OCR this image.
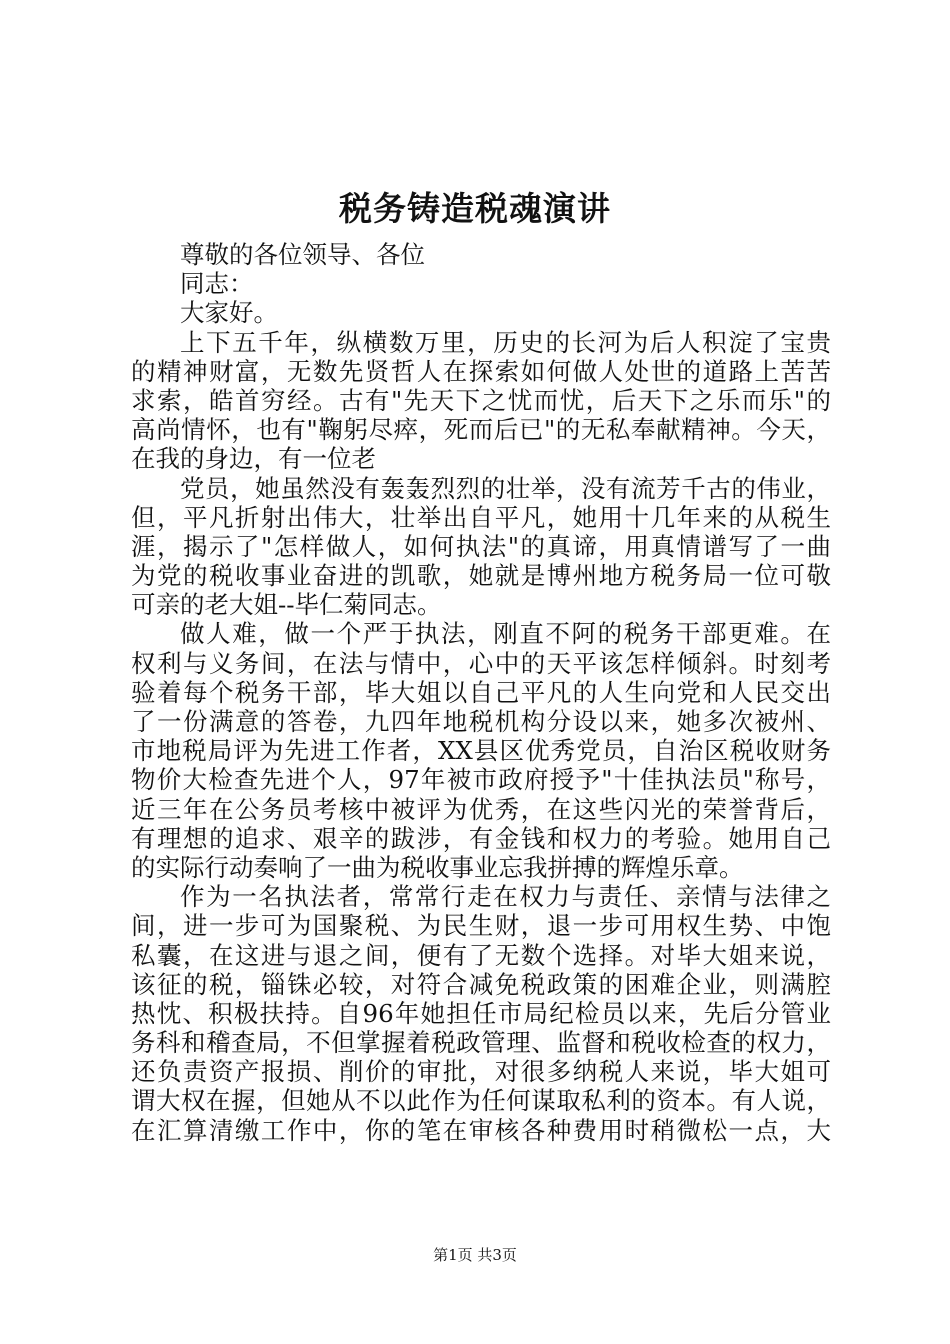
税务铸造税魂演讲
尊敬的各位领导、各位
同志：
大家好。
上下五千年，纵横数万里，历史的长河为后人积淀了宝贵
的精神财富，无数先贤哲人在探索如何做人处世的道路上苦苦
求索，皓首穷经。古有"先天下之忧而忧，后天下之乐而乐"的
高尚情怀，也有"鞠躬尽瘁，死而后已"的无私奉献精神。今天，
在我的身边，有一位老
党员，她虽然没有轰轰烈烈的壮举，没有流芳千古的伟业，
但，平凡折射出伟大，壮举出自平凡，她用十几年来的从税生
涯，揭示了"怎样做人，如何执法"的真谛，用真情谱写了一曲
为党的税收事业奋进的凯歌，她就是博州地方税务局一位可敬
可亲的老大姐--毕仁菊同志。
做人难，做一个严于执法，刚直不阿的税务干部更难。在
权利与义务间，在法与情中，心中的天平该怎样倾斜。时刻考
验着每个税务干部，毕大姐以自己平凡的人生向党和人民交出
了一份满意的答卷，九四年地税机构分设以来，她多次被州、
市地税局评为先进工作者，XX县区优秀党员，自治区税收财务
物价大检查先进个人，97年被市政府授予"十佳执法员"称号，
近三年在公务员考核中被评为优秀，在这些闪光的荣誉背后，
有理想的追求、艰辛的跋涉，有金钱和权力的考验。她用自己
的实际行动奏响了一曲为税收事业忘我拼搏的辉煌乐章。
作为一名执法者，常常行走在权力与责任、亲情与法律之
间，进一步可为国聚税、为民生财，退一步可用权生势、中饱
私囊，在这进与退之间，便有了无数个选择。对毕大姐来说，
该征的税，锱铢必较，对符合减免税政策的困难企业，则满腔
热忱、积极扶持。自96年她担任市局纪检员以来，先后分管业
务科和稽查局，不但掌握着税政管理、监督和税收检查的权力，
还负责资产报损、削价的审批，对很多纳税人来说，毕大姐可
谓大权在握，但她从不以此作为任何谋取私利的资本。有人说，
在汇算清缴工作中，你的笔在审核各种费用时稍微松一点，大
第1页 共3页
